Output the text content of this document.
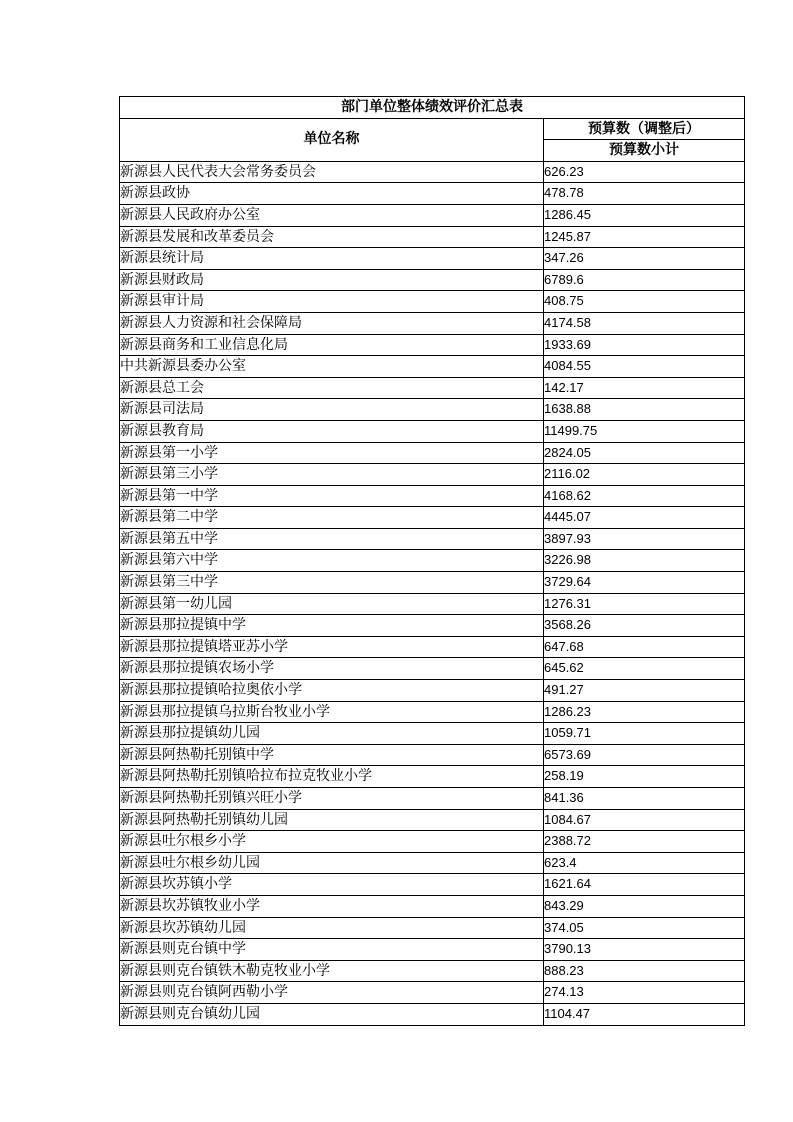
部门单位整体绩效评价汇总表	
单位名称	预算数（调整后）
	预算数小计
新源县人民代表大会常务委员会	626.23
新源县政协	478.78
新源县人民政府办公室	1286.45
新源县发展和改革委员会	1245.87
新源县统计局	347.26
新源县财政局	6789.6
新源县审计局	408.75
新源县人力资源和社会保障局	4174.58
新源县商务和工业信息化局	1933.69
中共新源县委办公室	4084.55
新源县总工会	142.17
新源县司法局	1638.88
新源县教育局	11499.75
新源县第一小学	2824.05
新源县第三小学	2116.02
新源县第一中学	4168.62
新源县第二中学	4445.07
新源县第五中学	3897.93
新源县第六中学	3226.98
新源县第三中学	3729.64
新源县第一幼儿园	1276.31
新源县那拉提镇中学	3568.26
新源县那拉提镇塔亚苏小学	647.68
新源县那拉提镇农场小学	645.62
新源县那拉提镇哈拉奥依小学	491.27
新源县那拉提镇乌拉斯台牧业小学	1286.23
新源县那拉提镇幼儿园	1059.71
新源县阿热勒托别镇中学	6573.69
新源县阿热勒托别镇哈拉布拉克牧业小学	258.19
新源县阿热勒托别镇兴旺小学	841.36
新源县阿热勒托别镇幼儿园	1084.67
新源县吐尔根乡小学	2388.72
新源县吐尔根乡幼儿园	623.4
新源县坎苏镇小学	1621.64
新源县坎苏镇牧业小学	843.29
新源县坎苏镇幼儿园	374.05
新源县则克台镇中学	3790.13
新源县则克台镇铁木勒克牧业小学	888.23
新源县则克台镇阿西勒小学	274.13
新源县则克台镇幼儿园	1104.47
